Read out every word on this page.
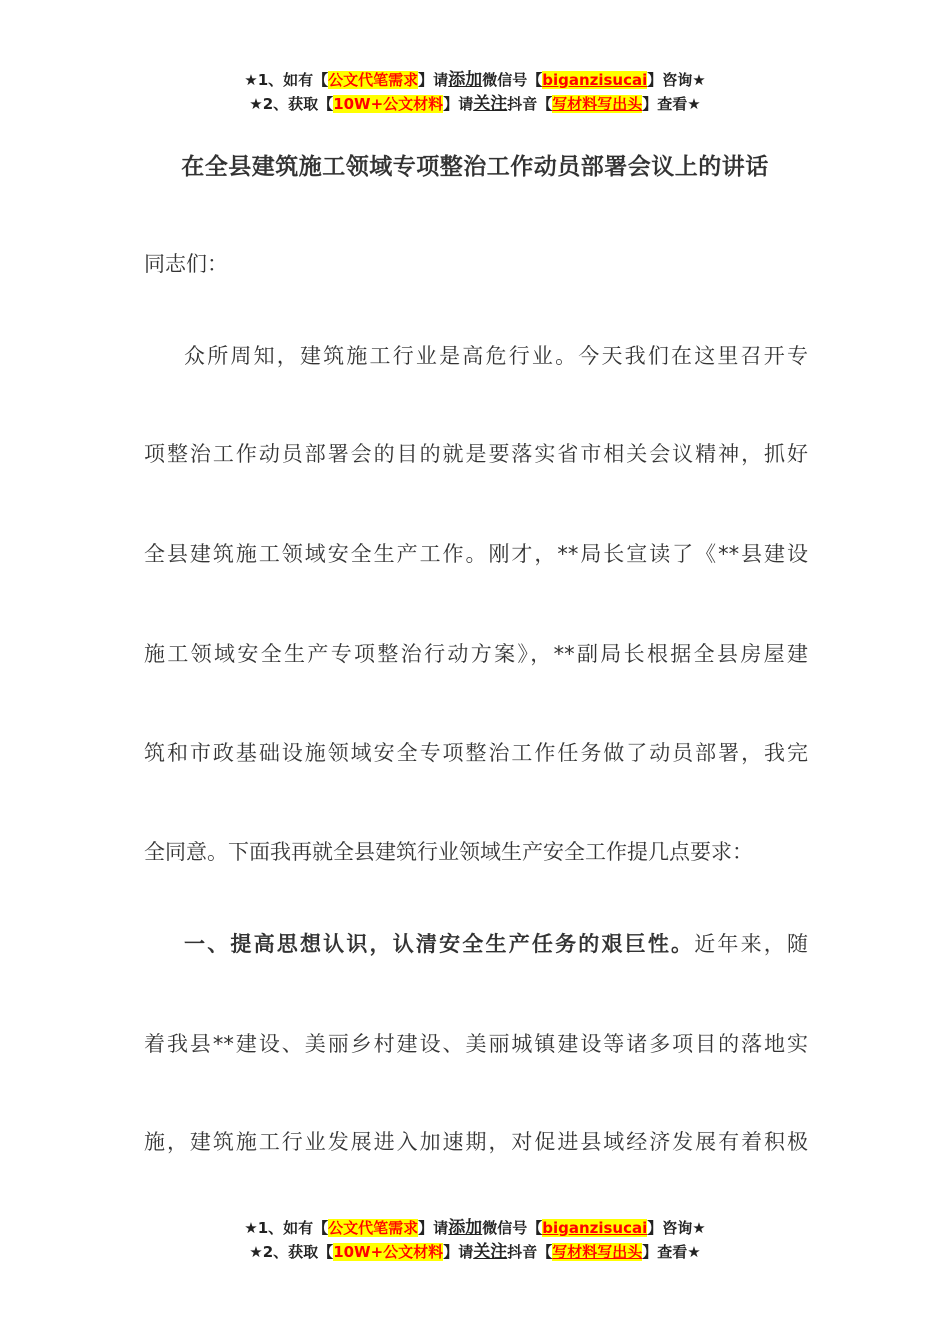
★1、如有【公文代笔需求】请添加微信号【biganzisucai】咨询★
★2、获取【10W+公文材料】请关注抖音【写材料写出头】查看★
在全县建筑施工领域专项整治工作动员部署会议上的讲话
同志们：
众所周知，建筑施工行业是高危行业。今天我们在这里召开专
项整治工作动员部署会的目的就是要落实省市相关会议精神，抓好
全县建筑施工领域安全生产工作。刚才，**局长宣读了《**县建设
施工领域安全生产专项整治行动方案》，**副局长根据全县房屋建
筑和市政基础设施领域安全专项整治工作任务做了动员部署，我完
全同意。下面我再就全县建筑行业领域生产安全工作提几点要求：
一、提高思想认识，认清安全生产任务的艰巨性。近年来，随
着我县**建设、美丽乡村建设、美丽城镇建设等诸多项目的落地实
施，建筑施工行业发展进入加速期，对促进县域经济发展有着积极
★1、如有【公文代笔需求】请添加微信号【biganzisucai】咨询★
★2、获取【10W+公文材料】请关注抖音【写材料写出头】查看★
